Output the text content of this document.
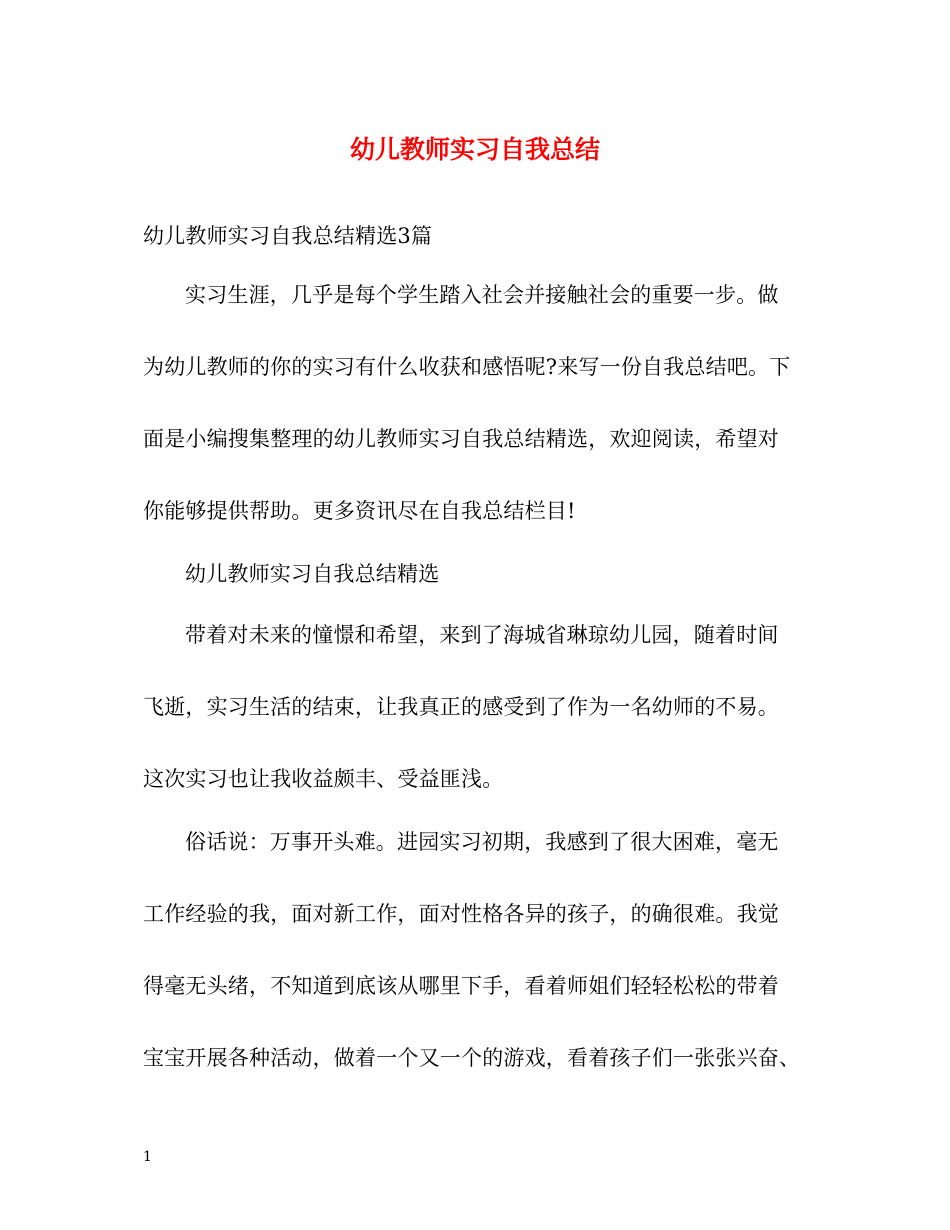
幼儿教师实习自我总结
幼儿教师实习自我总结精选3篇
实习生涯，几乎是每个学生踏入社会并接触社会的重要一步。做
为幼儿教师的你的实习有什么收获和感悟呢?来写一份自我总结吧。下
面是小编搜集整理的幼儿教师实习自我总结精选，欢迎阅读，希望对
你能够提供帮助。更多资讯尽在自我总结栏目!
幼儿教师实习自我总结精选
带着对未来的憧憬和希望，来到了海城省琳琼幼儿园，随着时间
飞逝，实习生活的结束，让我真正的感受到了作为一名幼师的不易。
这次实习也让我收益颇丰、受益匪浅。
俗话说：万事开头难。进园实习初期，我感到了很大困难，毫无
工作经验的我，面对新工作，面对性格各异的孩子，的确很难。我觉
得毫无头绪，不知道到底该从哪里下手，看着师姐们轻轻松松的带着
宝宝开展各种活动，做着一个又一个的游戏，看着孩子们一张张兴奋、
1
